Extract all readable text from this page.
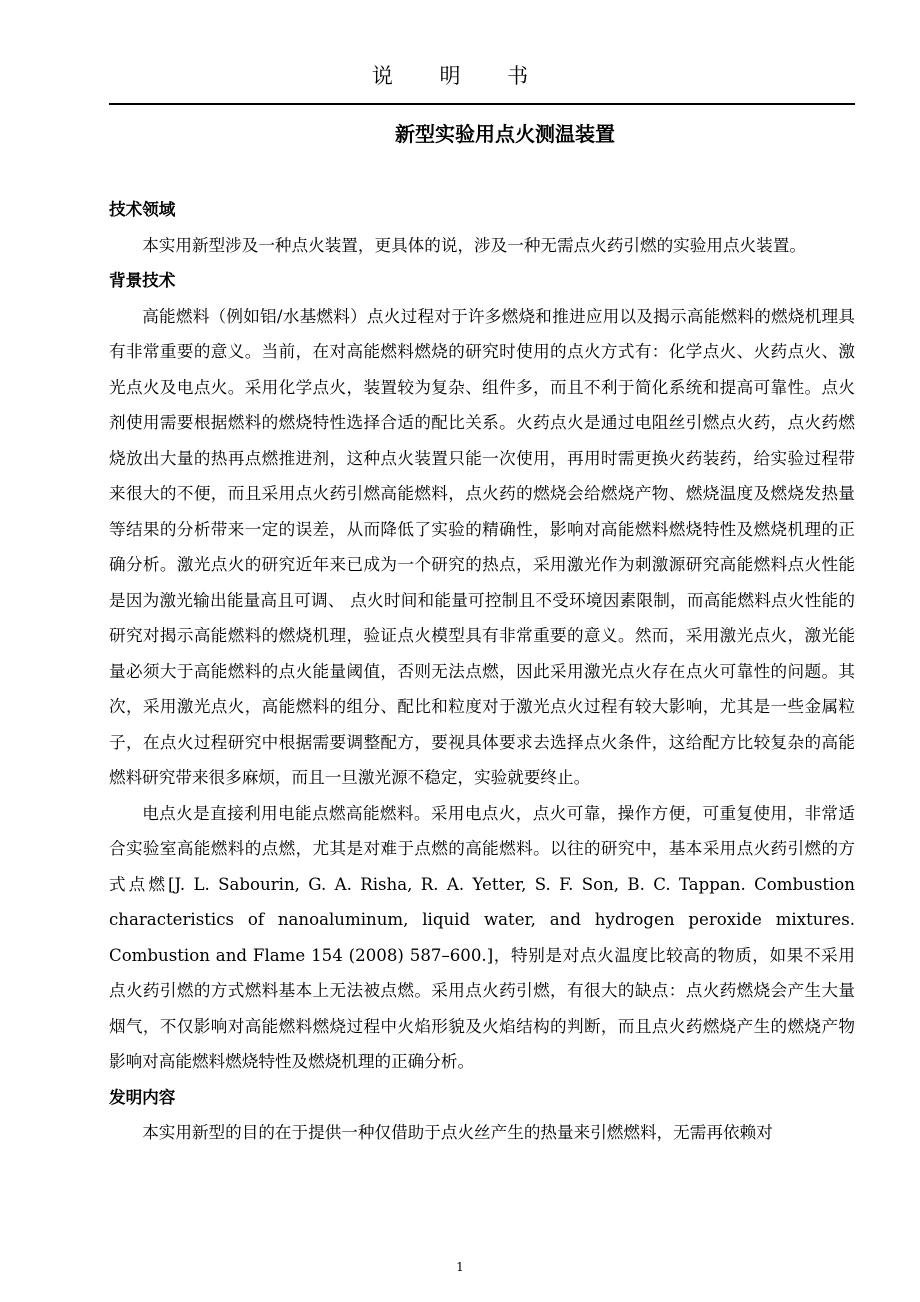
说 明 书
新型实验用点火测温装置
技术领域

本实用新型涉及一种点火装置，更具体的说，涉及一种无需点火药引燃的实验用点火装置。

背景技术

高能燃料（例如铝/水基燃料）点火过程对于许多燃烧和推进应用以及揭示高能燃料的燃烧机理具有非常重要的意义。当前，在对高能燃料燃烧的研究时使用的点火方式有：化学点火、火药点火、激光点火及电点火。采用化学点火，装置较为复杂、组件多，而且不利于简化系统和提高可靠性。点火剂使用需要根据燃料的燃烧特性选择合适的配比关系。火药点火是通过电阻丝引燃点火药，点火药燃烧放出大量的热再点燃推进剂，这种点火装置只能一次使用，再用时需更换火药装药，给实验过程带来很大的不便，而且采用点火药引燃高能燃料，点火药的燃烧会给燃烧产物、燃烧温度及燃烧发热量等结果的分析带来一定的误差，从而降低了实验的精确性，影响对高能燃料燃烧特性及燃烧机理的正确分析。激光点火的研究近年来已成为一个研究的热点，采用激光作为刺激源研究高能燃料点火性能是因为激光输出能量高且可调、 点火时间和能量可控制且不受环境因素限制，而高能燃料点火性能的研究对揭示高能燃料的燃烧机理，验证点火模型具有非常重要的意义。然而，采用激光点火，激光能量必须大于高能燃料的点火能量阈值，否则无法点燃，因此采用激光点火存在点火可靠性的问题。其次，采用激光点火，高能燃料的组分、配比和粒度对于激光点火过程有较大影响，尤其是一些金属粒子，在点火过程研究中根据需要调整配方，要视具体要求去选择点火条件，这给配方比较复杂的高能燃料研究带来很多麻烦，而且一旦激光源不稳定，实验就要终止。

电点火是直接利用电能点燃高能燃料。采用电点火，点火可靠，操作方便，可重复使用，非常适合实验室高能燃料的点燃，尤其是对难于点燃的高能燃料。以往的研究中，基本采用点火药引燃的方式点燃[J. L. Sabourin, G. A. Risha, R. A. Yetter, S. F. Son, B. C. Tappan. Combustion characteristics of nanoaluminum, liquid water, and hydrogen peroxide mixtures. Combustion and Flame 154 (2008) 587–600.]，特别是对点火温度比较高的物质，如果不采用点火药引燃的方式燃料基本上无法被点燃。采用点火药引燃，有很大的缺点：点火药燃烧会产生大量烟气，不仅影响对高能燃料燃烧过程中火焰形貌及火焰结构的判断，而且点火药燃烧产生的燃烧产物影响对高能燃料燃烧特性及燃烧机理的正确分析。

发明内容

本实用新型的目的在于提供一种仅借助于点火丝产生的热量来引燃燃料，无需再依赖对

1
